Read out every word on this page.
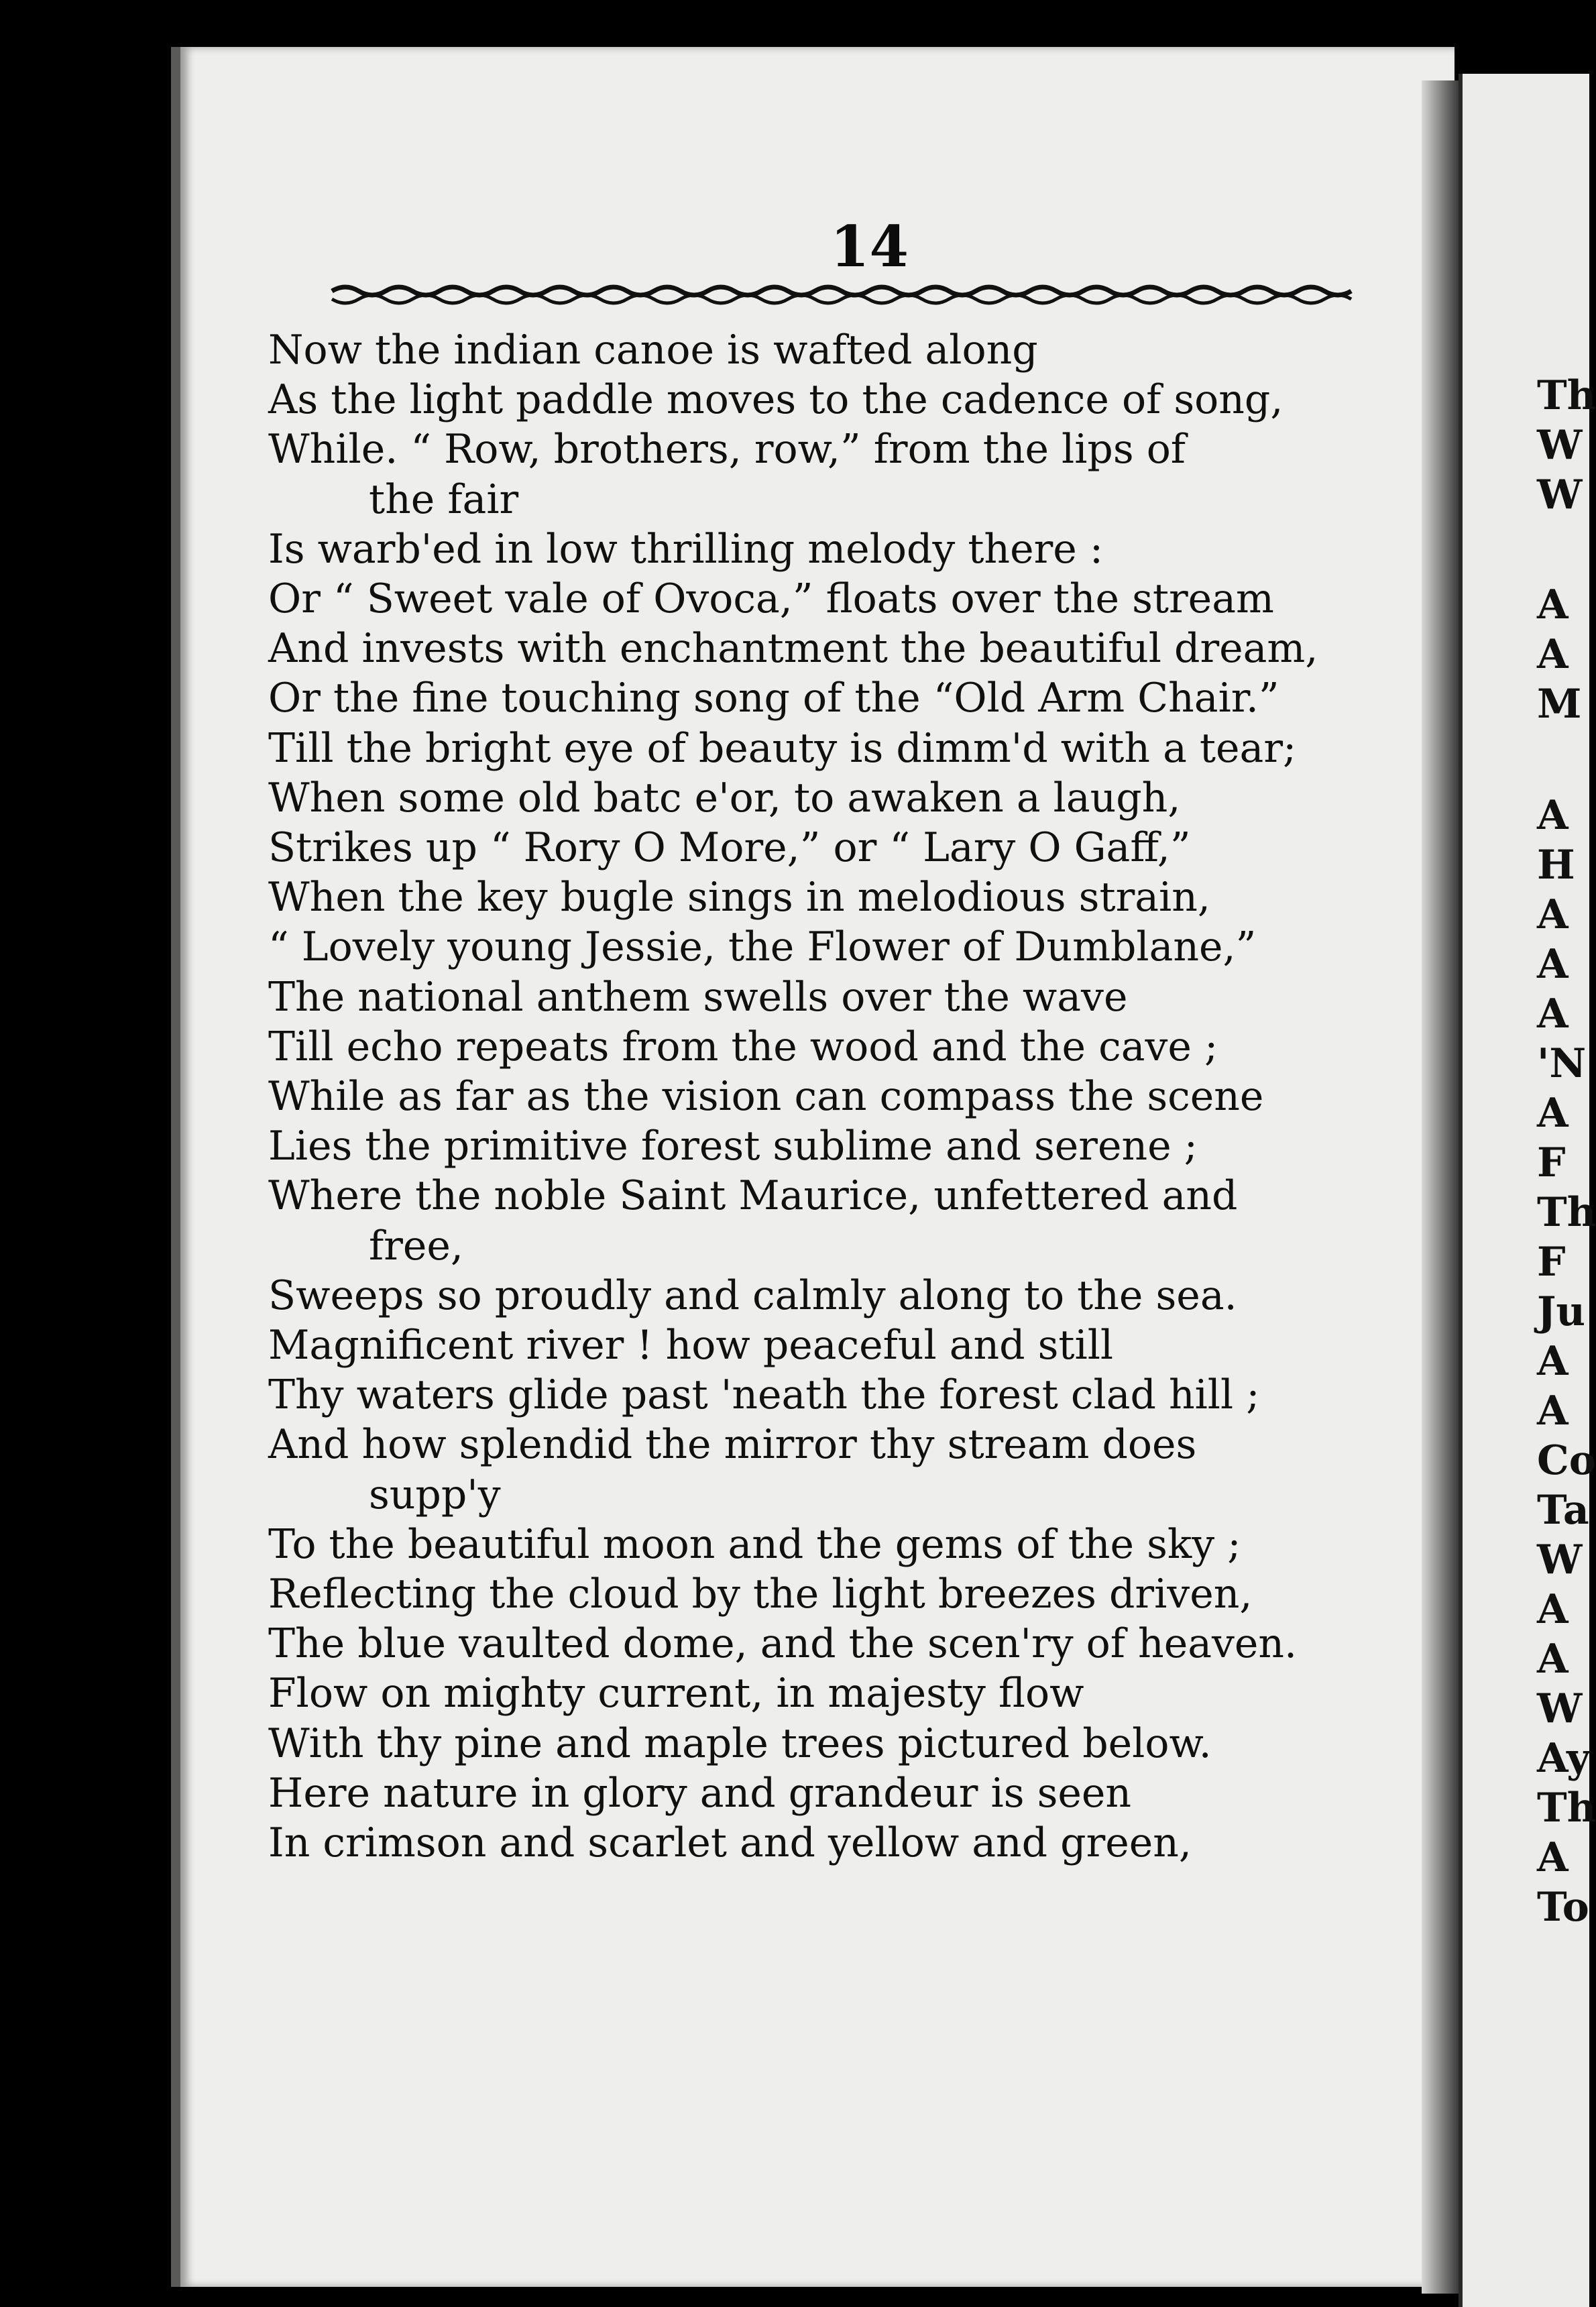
14
Now the indian canoe is wafted along
As the light paddle moves to the cadence of song,
While. “ Row, brothers, row,” from the lips of
the fair
Is warb'ed in low thrilling melody there :
Or “ Sweet vale of Ovoca,” floats over the stream
And invests with enchantment the beautiful dream,
Or the fine touching song of the “Old Arm Chair.”
Till the bright eye of beauty is dimm'd with a tear;
When some old batc e'or, to awaken a laugh,
Strikes up “ Rory O More,” or “ Lary O Gaff,”
When the key bugle sings in melodious strain,
“ Lovely young Jessie, the Flower of Dumblane,”
The national anthem swells over the wave
Till echo repeats from the wood and the cave ;
While as far as the vision can compass the scene
Lies the primitive forest sublime and serene ;
Where the noble Saint Maurice, unfettered and
free,
Sweeps so proudly and calmly along to the sea.
Magnificent river ! how peaceful and still
Thy waters glide past 'neath the forest clad hill ;
And how splendid the mirror thy stream does
supp'y
To the beautiful moon and the gems of the sky ;
Reflecting the cloud by the light breezes driven,
The blue vaulted dome, and the scen'ry of heaven.
Flow on mighty current, in majesty flow
With thy pine and maple trees pictured below.
Here nature in glory and grandeur is seen
In crimson and scarlet and yellow and green,
Th
W
W
A
A
M
A
H
A
A
A
'N
A
F
Th
F
Ju
A
A
Co
Ta
W
A
A
W
Ay
Th
A
To
